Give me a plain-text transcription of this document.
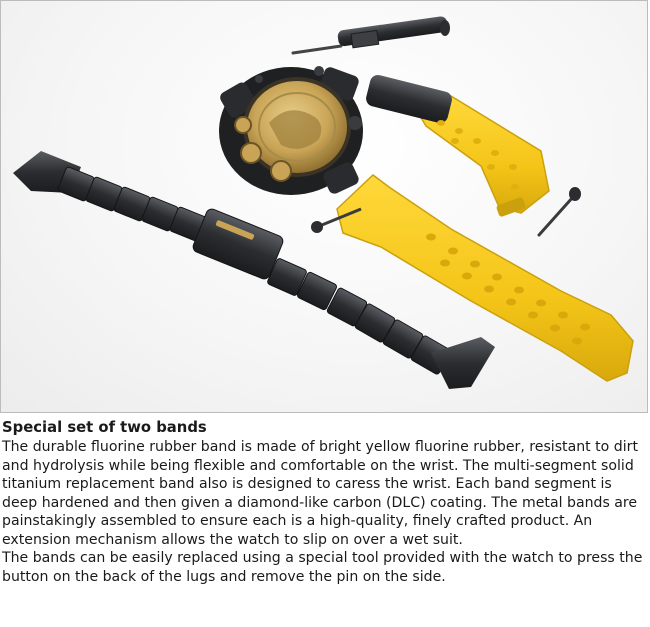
Special set of two bands

The durable fluorine rubber band is made of bright yellow fluorine rubber, resistant to dirt and hydrolysis while being flexible and comfortable on the wrist. The multi-segment solid titanium replacement band also is designed to caress the wrist. Each band segment is deep hardened and then given a diamond-like carbon (DLC) coating. The metal bands are painstakingly assembled to ensure each is a high-quality, finely crafted product. An extension mechanism allows the watch to slip on over a wet suit.

The bands can be easily replaced using a special tool provided with the watch to press the button on the back of the lugs and remove the pin on the side.
